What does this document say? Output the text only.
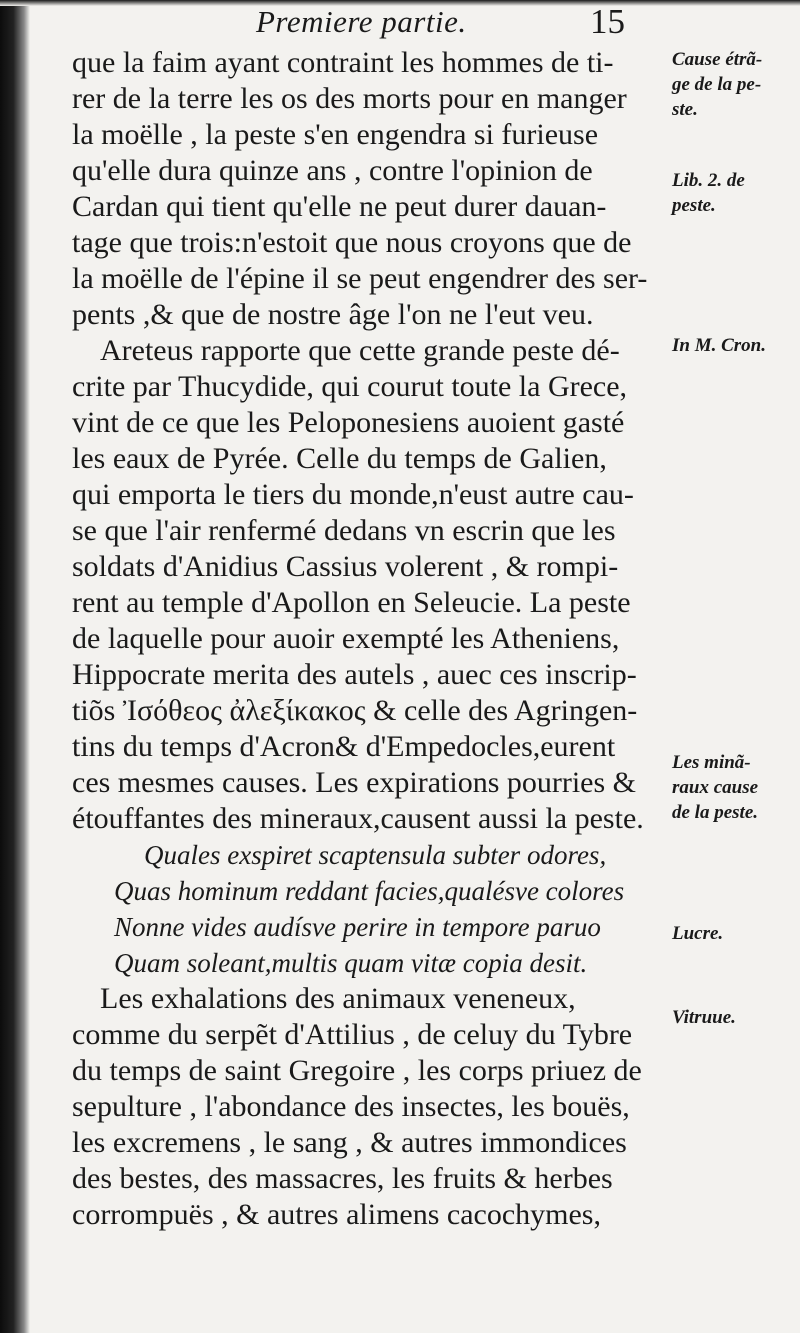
Premiere partie.	15
que la faim ayant contraint les hommes de ti-
rer de la terre les os des morts pour en manger
la moëlle , la peste s'en engendra si furieuse
qu'elle dura quinze ans , contre l'opinion de
Cardan qui tient qu'elle ne peut durer dauan-
tage que trois:n'estoit que nous croyons que de
la moëlle de l'épine il se peut engendrer des ser-
pents ,& que de nostre âge l'on ne l'eut veu.
Areteus rapporte que cette grande peste dé-
crite par Thucydide, qui courut toute la Grece,
vint de ce que les Peloponesiens auoient gasté
les eaux de Pyrée. Celle du temps de Galien,
qui emporta le tiers du monde,n'eust autre cau-
se que l'air renfermé dedans vn escrin que les
soldats d'Anidius Cassius volerent , & rompi-
rent au temple d'Apollon en Seleucie. La peste
de laquelle pour auoir exempté les Atheniens,
Hippocrate merita des autels , auec ces inscrip-
tiõs Ἰσόθεος ἀλεξίκακος & celle des Agringen-
tins du temps d'Acron& d'Empedocles,eurent
ces mesmes causes. Les expirations pourries &
étouffantes des mineraux,causent aussi la peste.
Quales exspiret scaptensula subter odores,
Quas hominum reddant facies,qualésve colores
Nonne vides audísve perire in tempore paruo
Quam soleant,multis quam vitæ copia desit.
Les exhalations des animaux veneneux,
comme du serpẽt d'Attilius , de celuy du Tybre
du temps de saint Gregoire , les corps priuez de
sepulture , l'abondance des insectes, les bouës,
les excremens , le sang , & autres immondices
des bestes, des massacres, les fruits & herbes
corrompuës , & autres alimens cacochymes,
Cause étrã-
ge de la pe-
ste.
Lib. 2. de
peste.
In M. Cron.
Les minã-
raux cause
de la peste.
Lucre.
Vitruue.
